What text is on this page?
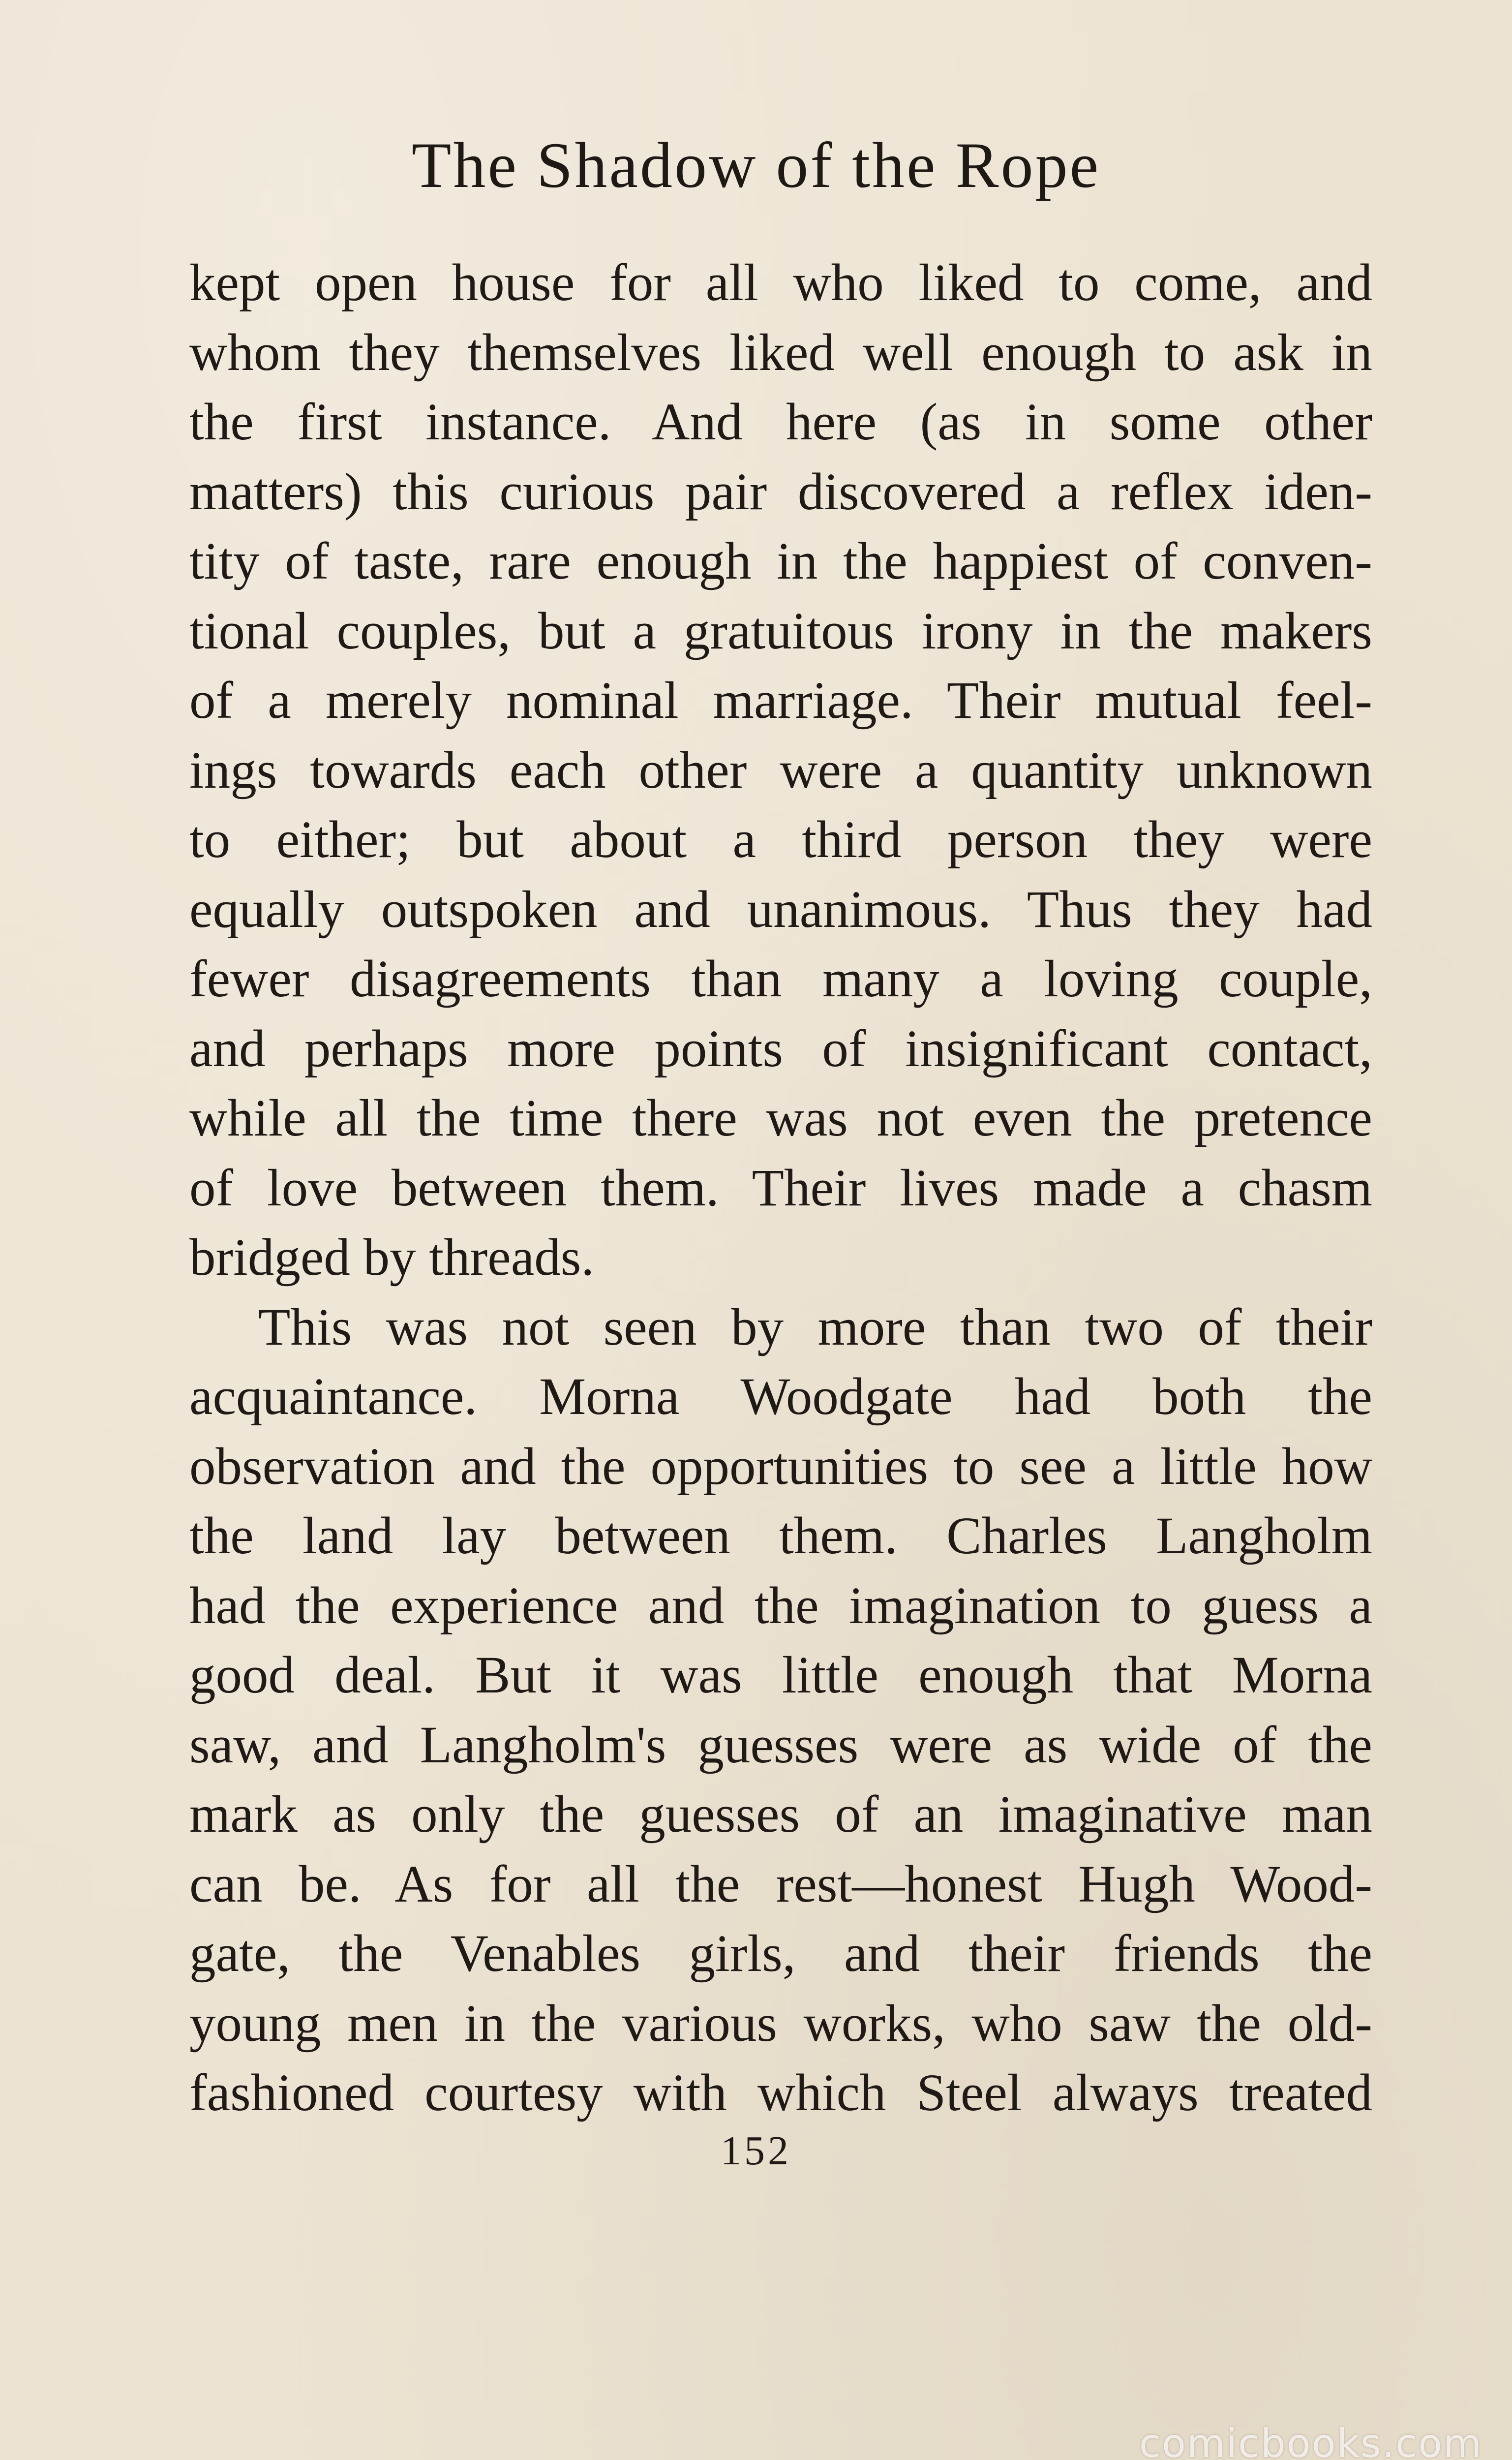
The Shadow of the Rope
kept open house for all who liked to come, and
whom they themselves liked well enough to ask in
the first instance. And here (as in some other
matters) this curious pair discovered a reflex iden-
tity of taste, rare enough in the happiest of conven-
tional couples, but a gratuitous irony in the makers
of a merely nominal marriage. Their mutual feel-
ings towards each other were a quantity unknown
to either; but about a third person they were
equally outspoken and unanimous. Thus they had
fewer disagreements than many a loving couple,
and perhaps more points of insignificant contact,
while all the time there was not even the pretence
of love between them. Their lives made a chasm
bridged by threads.
This was not seen by more than two of their
acquaintance. Morna Woodgate had both the
observation and the opportunities to see a little how
the land lay between them. Charles Langholm
had the experience and the imagination to guess a
good deal. But it was little enough that Morna
saw, and Langholm's guesses were as wide of the
mark as only the guesses of an imaginative man
can be. As for all the rest—honest Hugh Wood-
gate, the Venables girls, and their friends the
young men in the various works, who saw the old-
fashioned courtesy with which Steel always treated
152
comicbooks.com
